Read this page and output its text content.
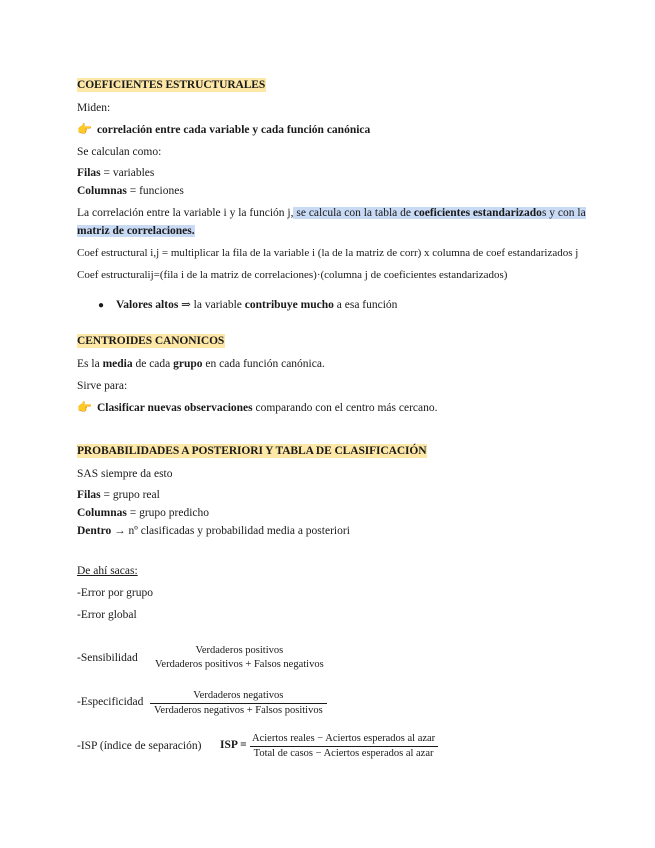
COEFICIENTES ESTRUCTURALES
Miden:
👉 correlación entre cada variable y cada función canónica
Se calculan como:
Filas = variables
Columnas = funciones
La correlación entre la variable i y la función j, se calcula con la tabla de coeficientes estandarizados y con la
matriz de correlaciones.
Coef estructural i,j = multiplicar la fila de la variable i (la de la matriz de corr) x columna de coef estandarizados j
Coef estructuralij=(fila i de la matriz de correlaciones)·(columna j de coeficientes estandarizados)
● Valores altos ⇒ la variable contribuye mucho a esa función
CENTROIDES CANONICOS
Es la media de cada grupo en cada función canónica.
Sirve para:
👉 Clasificar nuevas observaciones comparando con el centro más cercano.
PROBABILIDADES A POSTERIORI Y TABLA DE CLASIFICACIÓN
SAS siempre da esto
Filas = grupo real
Columnas = grupo predicho
Dentro → nº clasificadas y probabilidad media a posteriori
De ahí sacas:
-Error por grupo
-Error global
-Sensibilidad
Verdaderos positivos
Verdaderos positivos + Falsos negativos
-Especificidad
Verdaderos negativos
Verdaderos negativos + Falsos positivos
-ISP (índice de separación) ISP =
Aciertos reales − Aciertos esperados al azar
Total de casos − Aciertos esperados al azar
